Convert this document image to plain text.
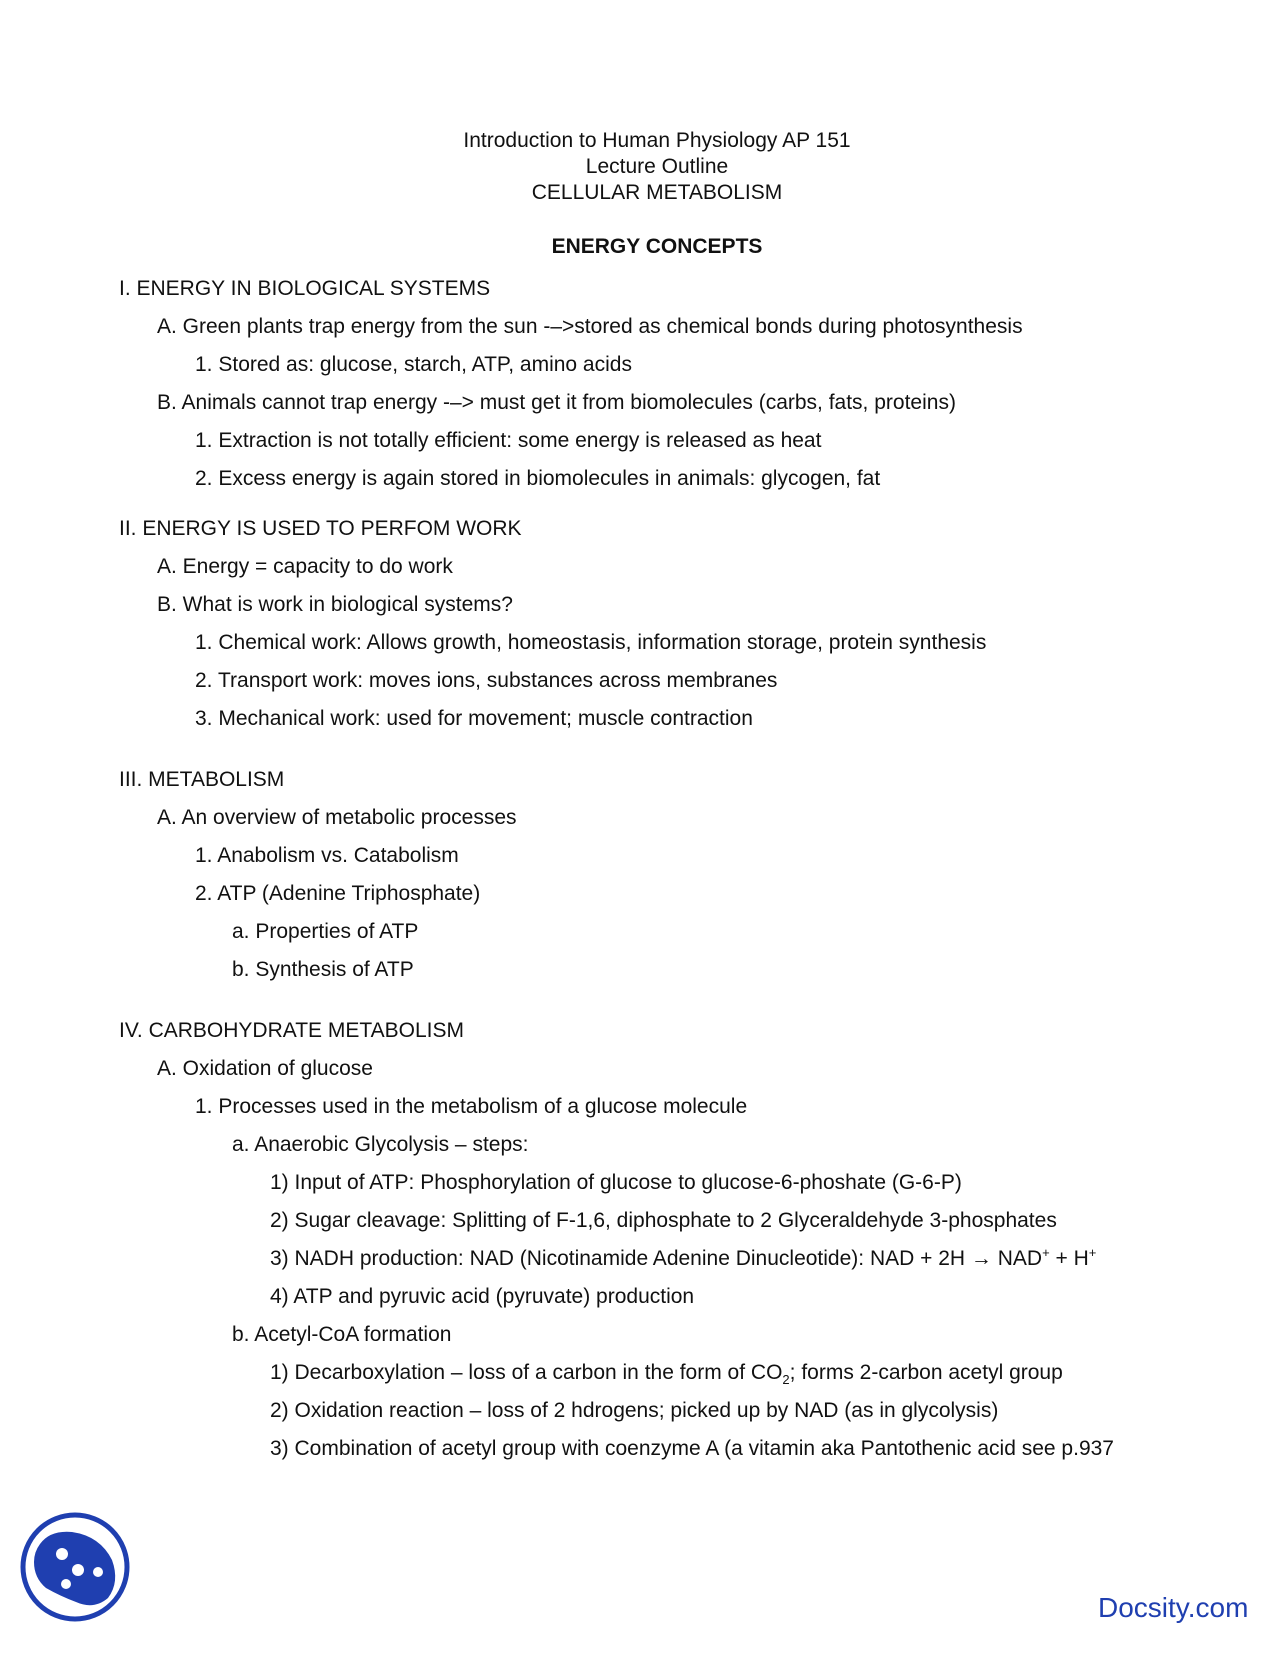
Introduction to Human Physiology AP 151
Lecture Outline
CELLULAR METABOLISM
ENERGY CONCEPTS
I. ENERGY IN BIOLOGICAL SYSTEMS
A. Green plants trap energy from the sun -–>stored as chemical bonds during photosynthesis
1. Stored as: glucose, starch, ATP, amino acids
B. Animals cannot trap energy -–> must get it from biomolecules (carbs, fats, proteins)
1. Extraction is not totally efficient: some energy is released as heat
2. Excess energy is again stored in biomolecules in animals: glycogen, fat
II. ENERGY IS USED TO PERFOM WORK
A. Energy = capacity to do work
B. What is work in biological systems?
1. Chemical work: Allows growth, homeostasis, information storage, protein synthesis
2. Transport work: moves ions, substances across membranes
3. Mechanical work: used for movement; muscle contraction
III. METABOLISM
A. An overview of metabolic processes
1. Anabolism vs. Catabolism
2. ATP (Adenine Triphosphate)
a. Properties of ATP
b. Synthesis of ATP
IV. CARBOHYDRATE METABOLISM
A. Oxidation of glucose
1. Processes used in the metabolism of a glucose molecule
a. Anaerobic Glycolysis – steps:
1) Input of ATP: Phosphorylation of glucose to glucose-6-phoshate (G-6-P)
2) Sugar cleavage: Splitting of F-1,6, diphosphate to 2 Glyceraldehyde 3-phosphates
3) NADH production: NAD (Nicotinamide Adenine Dinucleotide): NAD + 2H → NAD+ + H+
4) ATP and pyruvic acid (pyruvate) production
b. Acetyl-CoA formation
1) Decarboxylation – loss of a carbon in the form of $CO_2$; forms 2-carbon acetyl group
2) Oxidation reaction – loss of 2 hdrogens; picked up by NAD (as in glycolysis)
3) Combination of acetyl group with coenzyme A (a vitamin aka Pantothenic acid see p.937
Docsity.com
